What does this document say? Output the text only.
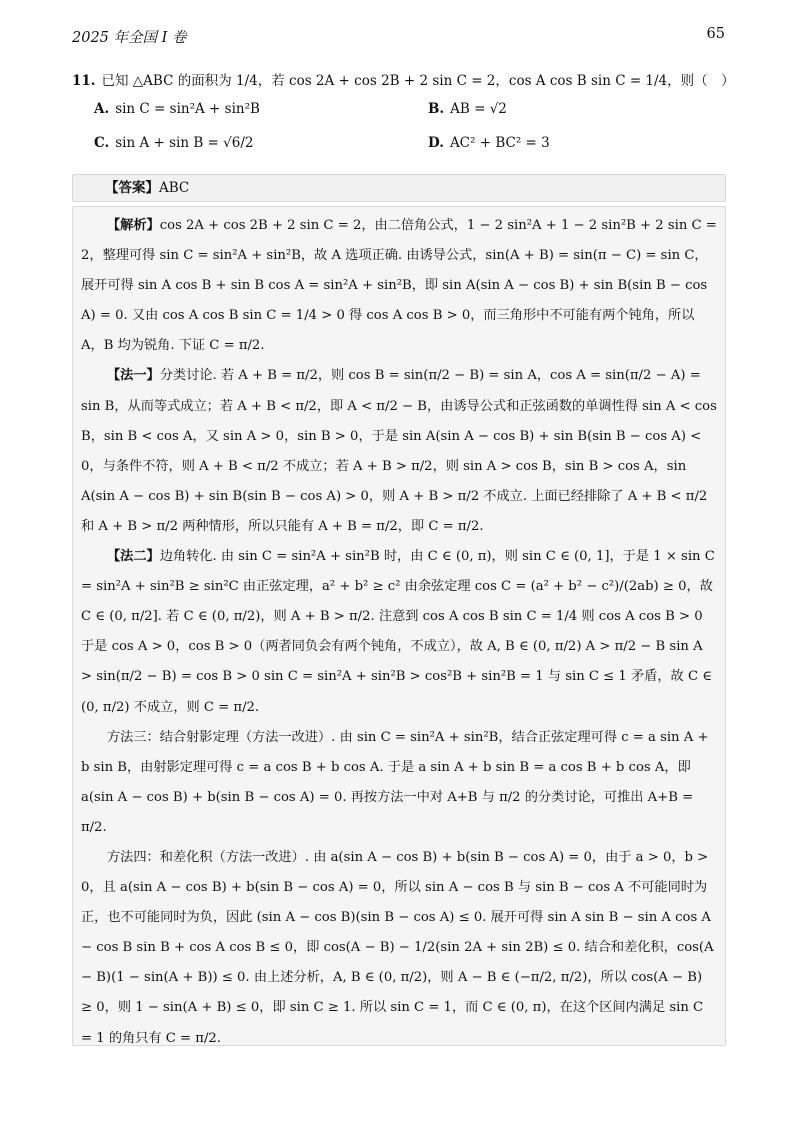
2025 年全国 I 卷	65
11. 已知 △ABC 的面积为 1/4，若 cos 2A + cos 2B + 2 sin C = 2，cos A cos B sin C = 1/4，则（　）
A. sin C = sin²A + sin²B	B. AB = √2
C. sin A + sin B = √6/2	D. AC² + BC² = 3
【答案】ABC

【解析】cos 2A + cos 2B + 2 sin C = 2，由二倍角公式，1 − 2 sin²A + 1 − 2 sin²B + 2 sin C = 2，整理可得 sin C = sin²A + sin²B，故 A 选项正确. 由诱导公式，sin(A + B) = sin(π − C) = sin C，展开可得 sin A cos B + sin B cos A = sin²A + sin²B，即 sin A(sin A − cos B) + sin B(sin B − cos A) = 0. 又由 cos A cos B sin C = 1/4 > 0 得 cos A cos B > 0，而三角形中不可能有两个钝角，所以 A，B 均为锐角. 下证 C = π/2.

【法一】分类讨论. 若 A + B = π/2，则 cos B = sin(π/2 − B) = sin A，cos A = sin(π/2 − A) = sin B，从而等式成立；若 A + B < π/2，即 A < π/2 − B，由诱导公式和正弦函数的单调性得 sin A < cos B，sin B < cos A，又 sin A > 0，sin B > 0，于是 sin A(sin A − cos B) + sin B(sin B − cos A) < 0，与条件不符，则 A + B < π/2 不成立；若 A + B > π/2，则 sin A > cos B，sin B > cos A，sin A(sin A − cos B) + sin B(sin B − cos A) > 0，则 A + B > π/2 不成立. 上面已经排除了 A + B < π/2 和 A + B > π/2 两种情形，所以只能有 A + B = π/2，即 C = π/2.

【法二】边角转化. 由 sin C = sin²A + sin²B 时，由 C ∈ (0, π)，则 sin C ∈ (0, 1]，于是 1 × sin C = sin²A + sin²B ≥ sin²C 由正弦定理，a² + b² ≥ c² 由余弦定理 cos C = (a² + b² − c²)/(2ab) ≥ 0，故 C ∈ (0, π/2]. 若 C ∈ (0, π/2)，则 A + B > π/2. 注意到 cos A cos B sin C = 1/4 则 cos A cos B > 0 于是 cos A > 0，cos B > 0（两者同负会有两个钝角，不成立），故 A, B ∈ (0, π/2) A > π/2 − B sin A > sin(π/2 − B) = cos B > 0 sin C = sin²A + sin²B > cos²B + sin²B = 1 与 sin C ≤ 1 矛盾，故 C ∈ (0, π/2) 不成立，则 C = π/2.

方法三：结合射影定理（方法一改进）. 由 sin C = sin²A + sin²B，结合正弦定理可得 c = a sin A + b sin B，由射影定理可得 c = a cos B + b cos A. 于是 a sin A + b sin B = a cos B + b cos A，即 a(sin A − cos B) + b(sin B − cos A) = 0. 再按方法一中对 A+B 与 π/2 的分类讨论，可推出 A+B = π/2.

方法四：和差化积（方法一改进）. 由 a(sin A − cos B) + b(sin B − cos A) = 0，由于 a > 0，b > 0，且 a(sin A − cos B) + b(sin B − cos A) = 0，所以 sin A − cos B 与 sin B − cos A 不可能同时为正，也不可能同时为负，因此 (sin A − cos B)(sin B − cos A) ≤ 0. 展开可得 sin A sin B − sin A cos A − cos B sin B + cos A cos B ≤ 0，即 cos(A − B) − 1/2(sin 2A + sin 2B) ≤ 0. 结合和差化积，cos(A − B)(1 − sin(A + B)) ≤ 0. 由上述分析，A, B ∈ (0, π/2)，则 A − B ∈ (−π/2, π/2)，所以 cos(A − B) ≥ 0，则 1 − sin(A + B) ≤ 0，即 sin C ≥ 1. 所以 sin C = 1，而 C ∈ (0, π)，在这个区间内满足 sin C = 1 的角只有 C = π/2.
